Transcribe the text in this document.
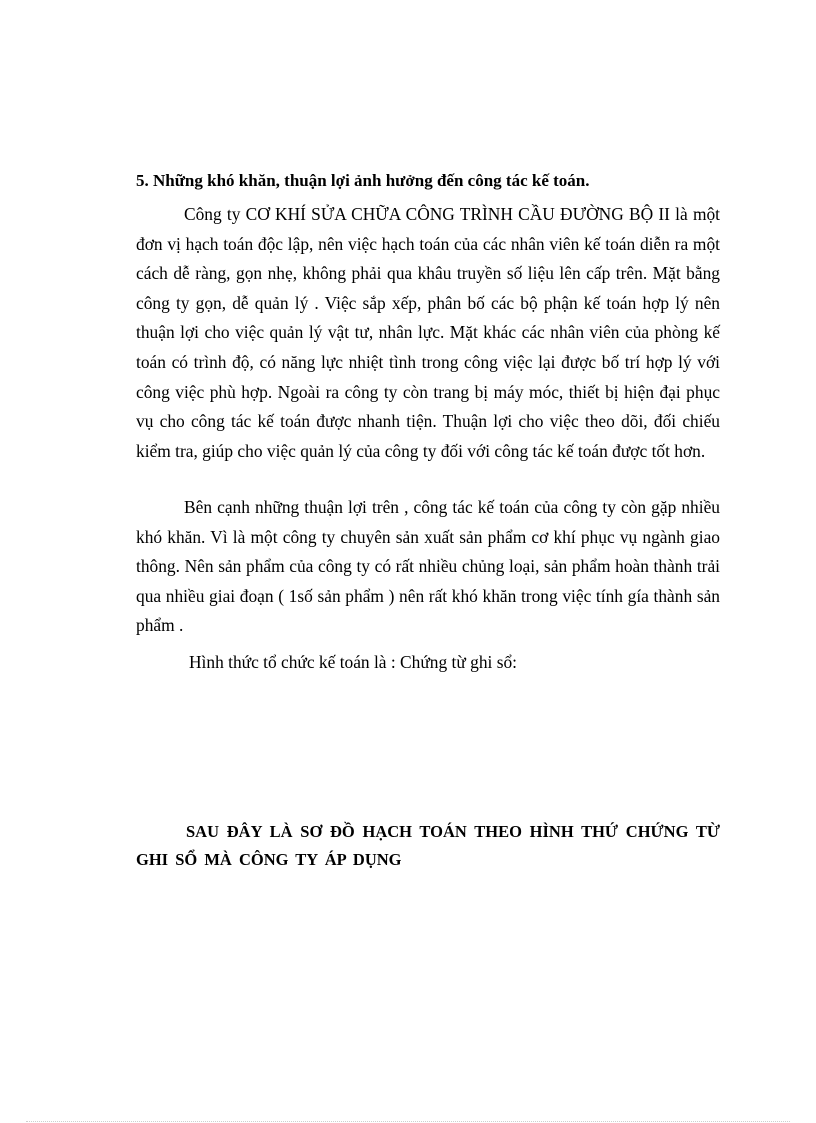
5. Những khó khăn, thuận lợi ảnh hưởng đến công tác kế toán.

Công ty CƠ KHÍ SỬA CHỮA CÔNG TRÌNH CẦU ĐƯỜNG BỘ II là một đơn vị hạch toán độc lập, nên việc hạch toán của các nhân viên kế toán diễn ra một cách dễ ràng, gọn nhẹ, không phải qua khâu truyền số liệu lên cấp trên. Mặt bằng công ty gọn, dễ quản lý . Việc sắp xếp, phân bố các bộ phận kế toán hợp lý nên thuận lợi cho việc quản lý vật tư, nhân lực. Mặt khác các nhân viên của phòng kế toán có trình độ, có năng lực nhiệt tình trong công việc lại được bố trí hợp lý với công việc phù hợp. Ngoài ra công ty còn trang bị máy móc, thiết bị hiện đại phục vụ cho công tác kế toán được nhanh tiện. Thuận lợi cho việc theo dõi, đối chiếu kiểm tra, giúp cho việc quản lý của công ty đối với công tác kế toán được tốt hơn.

Bên cạnh những thuận lợi trên , công tác kế toán của công ty còn gặp nhiều khó khăn. Vì là một công ty chuyên sản xuất sản phẩm cơ khí phục vụ ngành giao thông. Nên sản phẩm của công ty có rất nhiều chủng loại, sản phẩm hoàn thành trải qua nhiều giai đoạn ( 1số sản phẩm ) nên rất khó khăn trong việc tính gía thành sản phẩm .

Hình thức tổ chức kế toán là : Chứng từ ghi sổ:

SAU ĐÂY LÀ SƠ ĐỒ HẠCH TOÁN THEO HÌNH THỨ CHỨNG TỪ GHI SỔ MÀ CÔNG TY ÁP DỤNG
